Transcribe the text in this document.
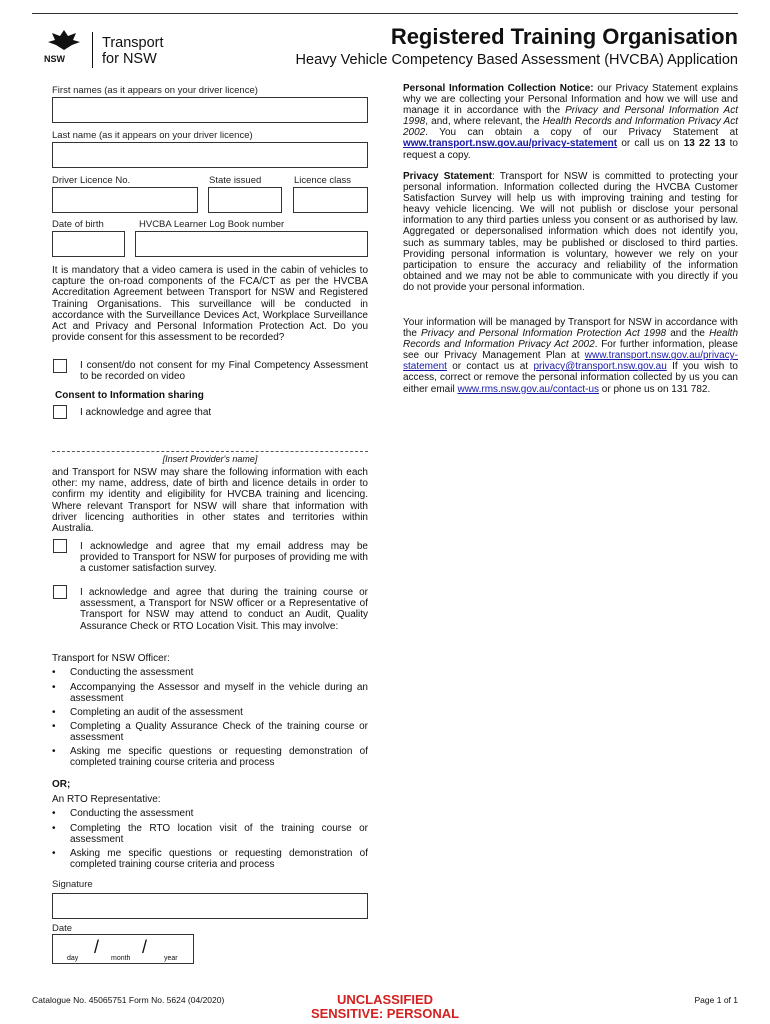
NSW
Transport
for NSW
Registered Training Organisation
Heavy Vehicle Competency Based Assessment (HVCBA) Application
First names (as it appears on your driver licence)
Last name (as it appears on your driver licence)
Driver Licence No.	State issued	Licence class
Date of birth	HVCBA Learner Log Book number
It is mandatory that a video camera is used in the cabin of vehicles to capture the on-road components of the FCA/CT as per the HVCBA Accreditation Agreement between Transport for NSW and Registered Training Organisations. This surveillance will be conducted in accordance with the Surveillance Devices Act, Workplace Surveillance Act and Privacy and Personal Information Protection Act. Do you provide consent for this assessment to be recorded?
I consent/do not consent for my Final Competency Assessment to be recorded on video
Consent to Information sharing
I acknowledge and agree that
[Insert Provider's name]
and Transport for NSW may share the following information with each other: my name, address, date of birth and licence details in order to confirm my identity and eligibility for HVCBA training and licencing. Where relevant Transport for NSW will share that information with driver licencing authorities in other states and territories within Australia.
I acknowledge and agree that my email address may be provided to Transport for NSW for purposes of providing me with a customer satisfaction survey.
I acknowledge and agree that during the training course or assessment, a Transport for NSW officer or a Representative of Transport for NSW may attend to conduct an Audit, Quality Assurance Check or RTO Location Visit. This may involve:
Transport for NSW Officer:
• Conducting the assessment
• Accompanying the Assessor and myself in the vehicle during an assessment
• Completing an audit of the assessment
• Completing a Quality Assurance Check of the training course or assessment
• Asking me specific questions or requesting demonstration of completed training course criteria and process
OR;
An RTO Representative:
• Conducting the assessment
• Completing the RTO location visit of the training course or assessment
• Asking me specific questions or requesting demonstration of completed training course criteria and process
Signature
Date
/ /
day	month	year
Personal Information Collection Notice: our Privacy Statement explains why we are collecting your Personal Information and how we will use and manage it in accordance with the Privacy and Personal Information Act 1998, and, where relevant, the Health Records and Information Privacy Act 2002. You can obtain a copy of our Privacy Statement at www.transport.nsw.gov.au/privacy-statement or call us on 13 22 13 to request a copy.
Privacy Statement: Transport for NSW is committed to protecting your personal information. Information collected during the HVCBA Customer Satisfaction Survey will help us with improving training and testing for heavy vehicle licencing. We will not publish or disclose your personal information to any third parties unless you consent or as authorised by law. Aggregated or depersonalised information which does not identify you, such as summary tables, may be published or disclosed to third parties. Providing personal information is voluntary, however we rely on your participation to ensure the accuracy and reliability of the information obtained and we may not be able to communicate with you directly if you do not provide your personal information.
Your information will be managed by Transport for NSW in accordance with the Privacy and Personal Information Protection Act 1998 and the Health Records and Information Privacy Act 2002. For further information, please see our Privacy Management Plan at www.transport.nsw.gov.au/privacy-statement or contact us at privacy@transport.nsw.gov.au If you wish to access, correct or remove the personal information collected by us you can either email www.rms.nsw.gov.au/contact-us or phone us on 131 782.
Catalogue No. 45065751 Form No. 5624 (04/2020)	UNCLASSIFIED
SENSITIVE: PERSONAL
Page 1 of 1
